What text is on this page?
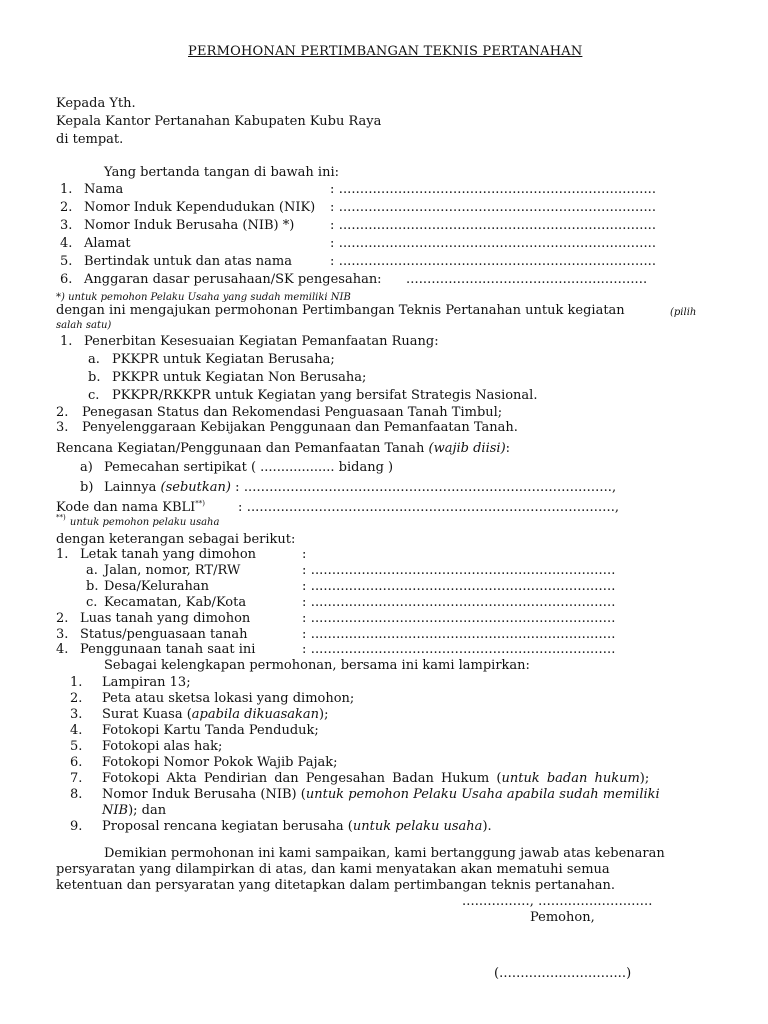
PERMOHONAN PERTIMBANGAN TEKNIS PERTANAHAN
Kepada Yth.
Kepala Kantor Pertanahan Kabupaten Kubu Raya
di tempat.
Yang bertanda tangan di bawah ini:
1. Nama	: ...........................................................................
2. Nomor Induk Kependudukan (NIK) : ...........................................................................
3. Nomor Induk Berusaha (NIB) *)	: ...........................................................................
4. Alamat	: ...........................................................................
5. Bertindak untuk dan atas nama	: ...........................................................................
6. Anggaran dasar perusahaan/SK pengesahan: .........................................................
*) untuk pemohon Pelaku Usaha yang sudah memiliki NIB
dengan ini mengajukan permohonan Pertimbangan Teknis Pertanahan untuk kegiatan	(pilih
salah satu)
1. Penerbitan Kesesuaian Kegiatan Pemanfaatan Ruang:
a. PKKPR untuk Kegiatan Berusaha;
b. PKKPR untuk Kegiatan Non Berusaha;
c. PKKPR/RKKPR untuk Kegiatan yang bersifat Strategis Nasional.
2. Penegasan Status dan Rekomendasi Penguasaan Tanah Timbul;
3. Penyelenggaraan Kebijakan Penggunaan dan Pemanfaatan Tanah.
Rencana Kegiatan/Penggunaan dan Pemanfaatan Tanah (wajib diisi):
a) Pemecahan sertipikat ( .................. bidang )
b) Lainnya (sebutkan) : .......................................................................................,
Kode dan nama KBLI**)	: .......................................................................................,
**) untuk pemohon pelaku usaha
dengan keterangan sebagai berikut:
1. Letak tanah yang dimohon	:
a. Jalan, nomor, RT/RW	: ........................................................................
b. Desa/Kelurahan	: ........................................................................
c. Kecamatan, Kab/Kota	: ........................................................................
2. Luas tanah yang dimohon	: ........................................................................
3. Status/penguasaan tanah	: ........................................................................
4. Penggunaan tanah saat ini	: ........................................................................
Sebagai kelengkapan permohonan, bersama ini kami lampirkan:
1. Lampiran 13;
2. Peta atau sketsa lokasi yang dimohon;
3. Surat Kuasa (apabila dikuasakan);
4. Fotokopi Kartu Tanda Penduduk;
5. Fotokopi alas hak;
6. Fotokopi Nomor Pokok Wajib Pajak;
7. Fotokopi Akta Pendirian dan Pengesahan Badan Hukum (untuk badan hukum);
8. Nomor Induk Berusaha (NIB) (untuk pemohon Pelaku Usaha apabila sudah memiliki
NIB); dan
9. Proposal rencana kegiatan berusaha (untuk pelaku usaha).
Demikian permohonan ini kami sampaikan, kami bertanggung jawab atas kebenaran
persyaratan yang dilampirkan di atas, dan kami menyatakan akan mematuhi semua
ketentuan dan persyaratan yang ditetapkan dalam pertimbangan teknis pertanahan.
................, ...........................
Pemohon,
(..............................)
